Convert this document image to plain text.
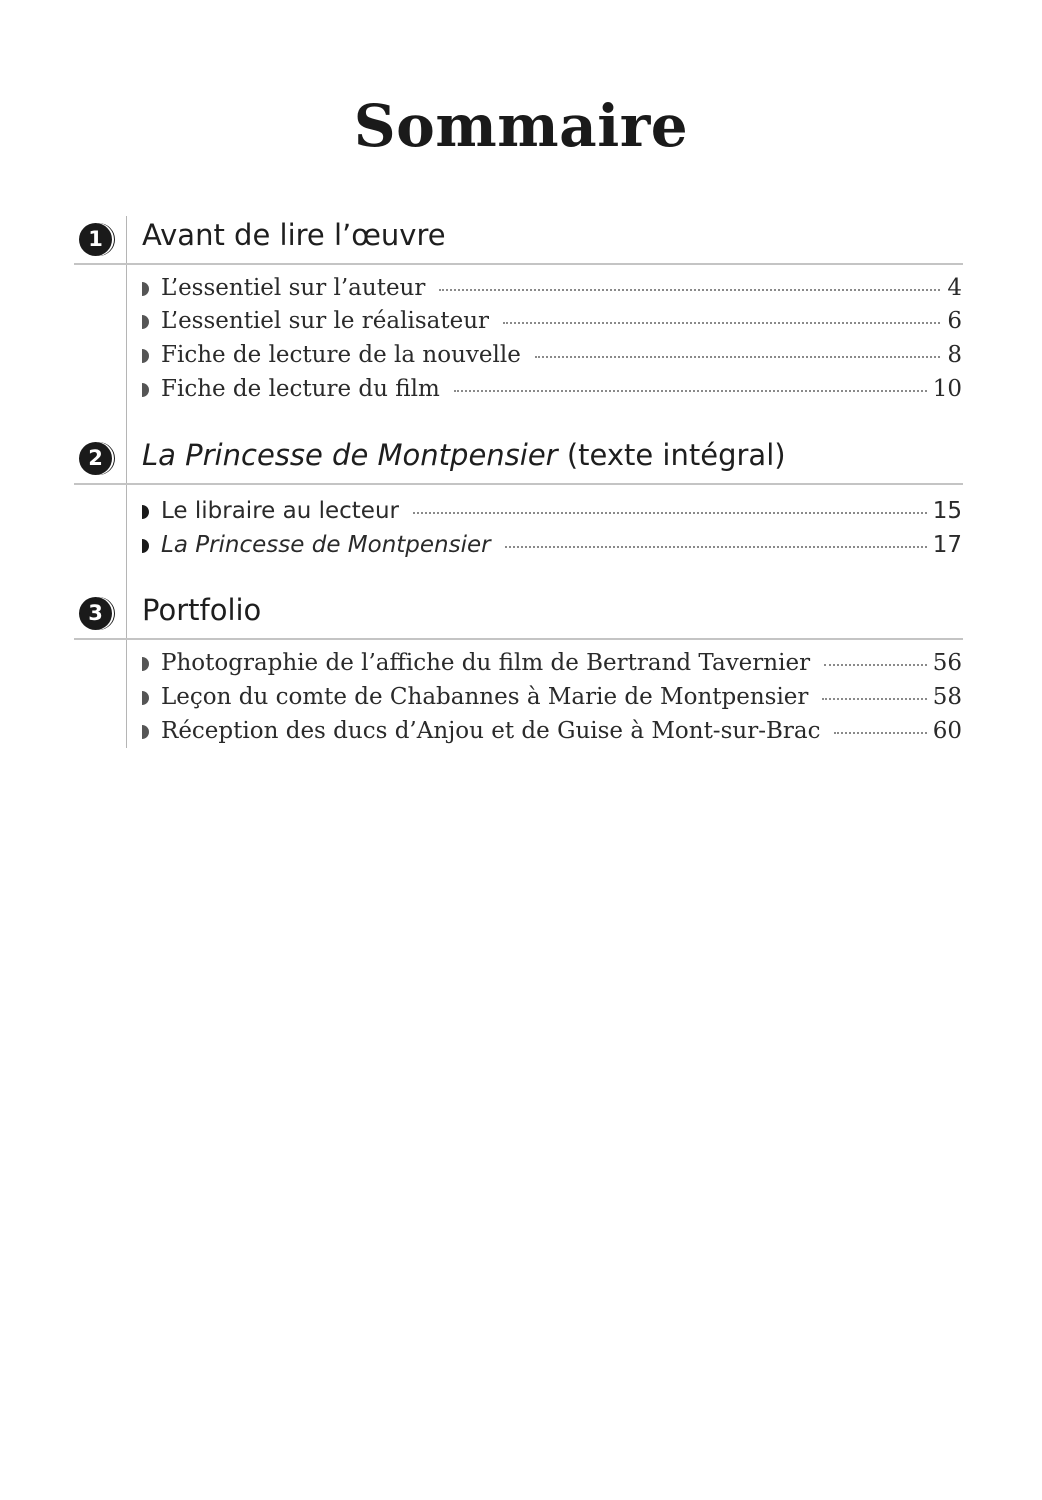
Sommaire
1	Avant de lire l’œuvre
L’essentiel sur l’auteur	4
L’essentiel sur le réalisateur	6
Fiche de lecture de la nouvelle	8
Fiche de lecture du film	10
2	La Princesse de Montpensier (texte intégral)
Le libraire au lecteur	15
La Princesse de Montpensier	17
3	Portfolio
Photographie de l’affiche du film de Bertrand Tavernier	56
Leçon du comte de Chabannes à Marie de Montpensier	58
Réception des ducs d’Anjou et de Guise à Mont-sur-Brac	60
